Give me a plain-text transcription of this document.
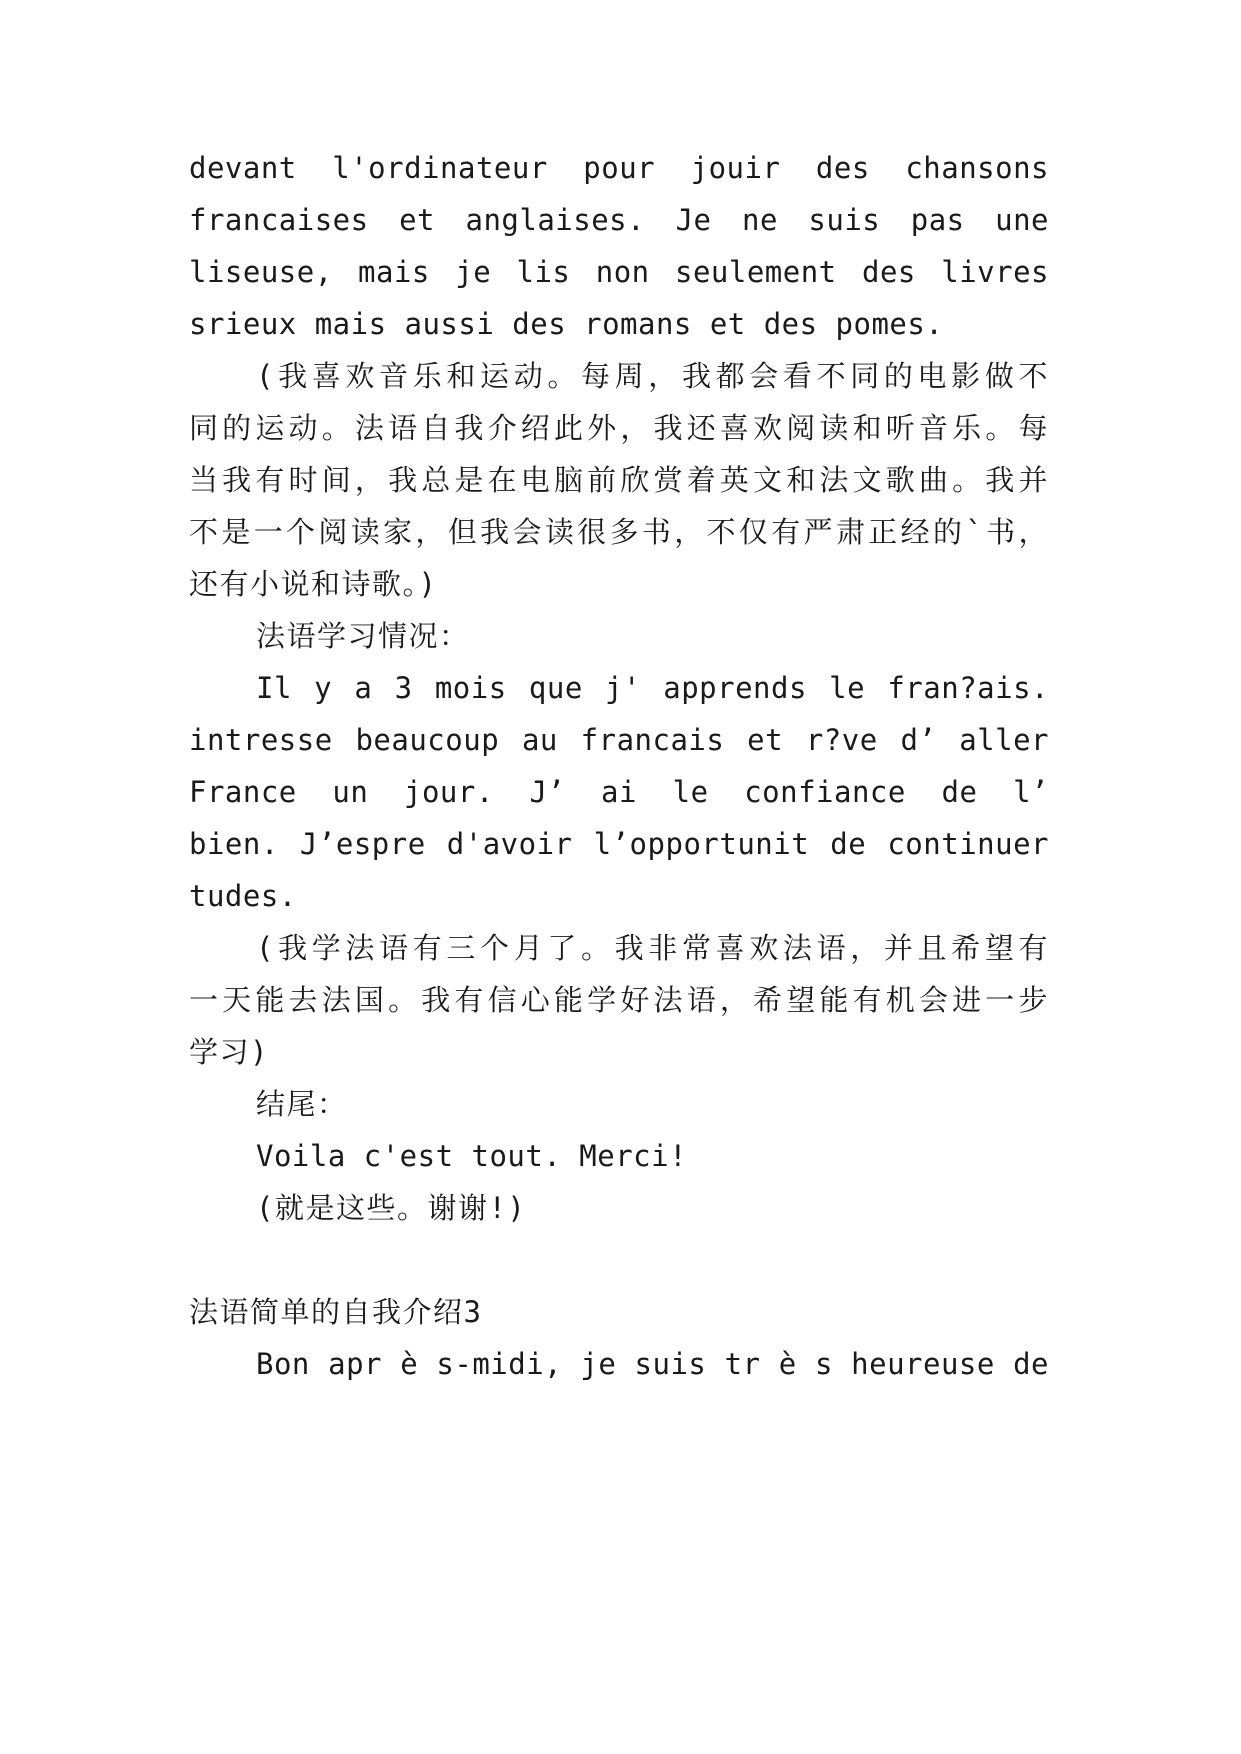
devant l'ordinateur pour jouir des chansons
francaises et anglaises. Je ne suis pas une
liseuse, mais je lis non seulement des livres
srieux mais aussi des romans et des pomes.
(我喜欢音乐和运动。每周，我都会看不同的电影做不
同的运动。法语自我介绍此外，我还喜欢阅读和听音乐。每
当我有时间，我总是在电脑前欣赏着英文和法文歌曲。我并
不是一个阅读家，但我会读很多书，不仅有严肃正经的`书，
还有小说和诗歌。)
法语学习情况：
Il y a 3 mois que j' apprends le fran?ais.
intresse beaucoup au francais et r?ve d’ aller
France un jour. J’ ai le confiance de l’
bien. J’espre d'avoir l’opportunit de continuer
tudes.
(我学法语有三个月了。我非常喜欢法语，并且希望有
一天能去法国。我有信心能学好法语，希望能有机会进一步
学习)
结尾：
Voila c'est tout. Merci!
(就是这些。谢谢!)
法语简单的自我介绍3
Bon apr è s-midi, je suis tr è s heureuse de
